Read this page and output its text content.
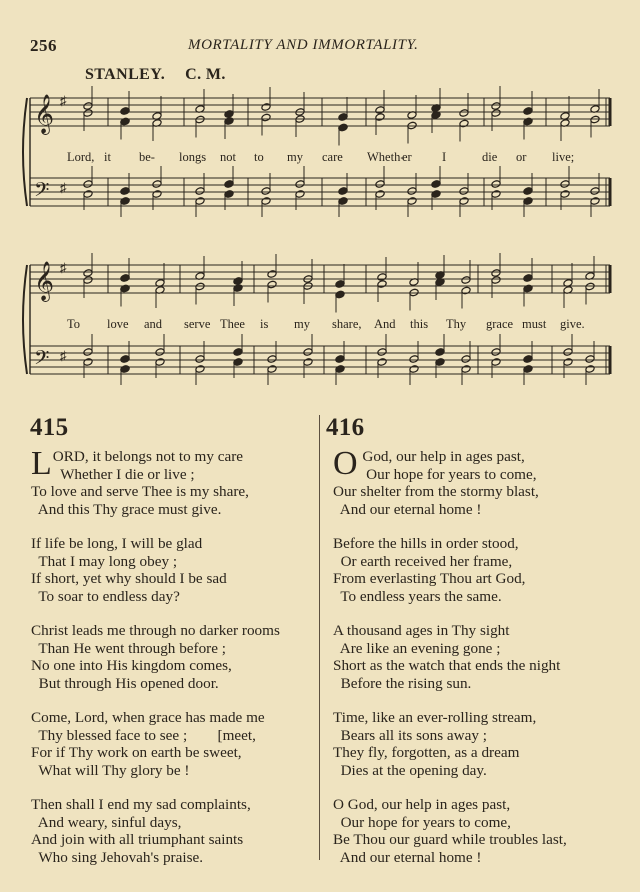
256	MORTALITY AND IMMORTALITY.
STANLEY. C. M.
𝄞
𝄢
♯
♯
𝄞
𝄢
♯
♯
Lord, it be- longs not to my care Wheth-
er I	die or live;
To love and serve Thee is my share, And this Thy grace must give.
415	416
LORD, it belongs not to my care
Whether I die or live ;
To love and serve Thee is my share,
And this Thy grace must give.
If life be long, I will be glad
That I may long obey ;
If short, yet why should I be sad
To soar to endless day?
Christ leads me through no darker rooms
Than He went through before ;
No one into His kingdom comes,
But through His opened door.
Come, Lord, when grace has made me
Thy blessed face to see ;        [meet,
For if Thy work on earth be sweet,
What will Thy glory be !
Then shall I end my sad complaints,
And weary, sinful days,
And join with all triumphant saints
Who sing Jehovah's praise.
O God, our help in ages past,
Our hope for years to come,
Our shelter from the stormy blast,
And our eternal home !
Before the hills in order stood,
Or earth received her frame,
From everlasting Thou art God,
To endless years the same.
A thousand ages in Thy sight
Are like an evening gone ;
Short as the watch that ends the night
Before the rising sun.
Time, like an ever-rolling stream,
Bears all its sons away ;
They fly, forgotten, as a dream
Dies at the opening day.
O God, our help in ages past,
Our hope for years to come,
Be Thou our guard while troubles last,
And our eternal home !
